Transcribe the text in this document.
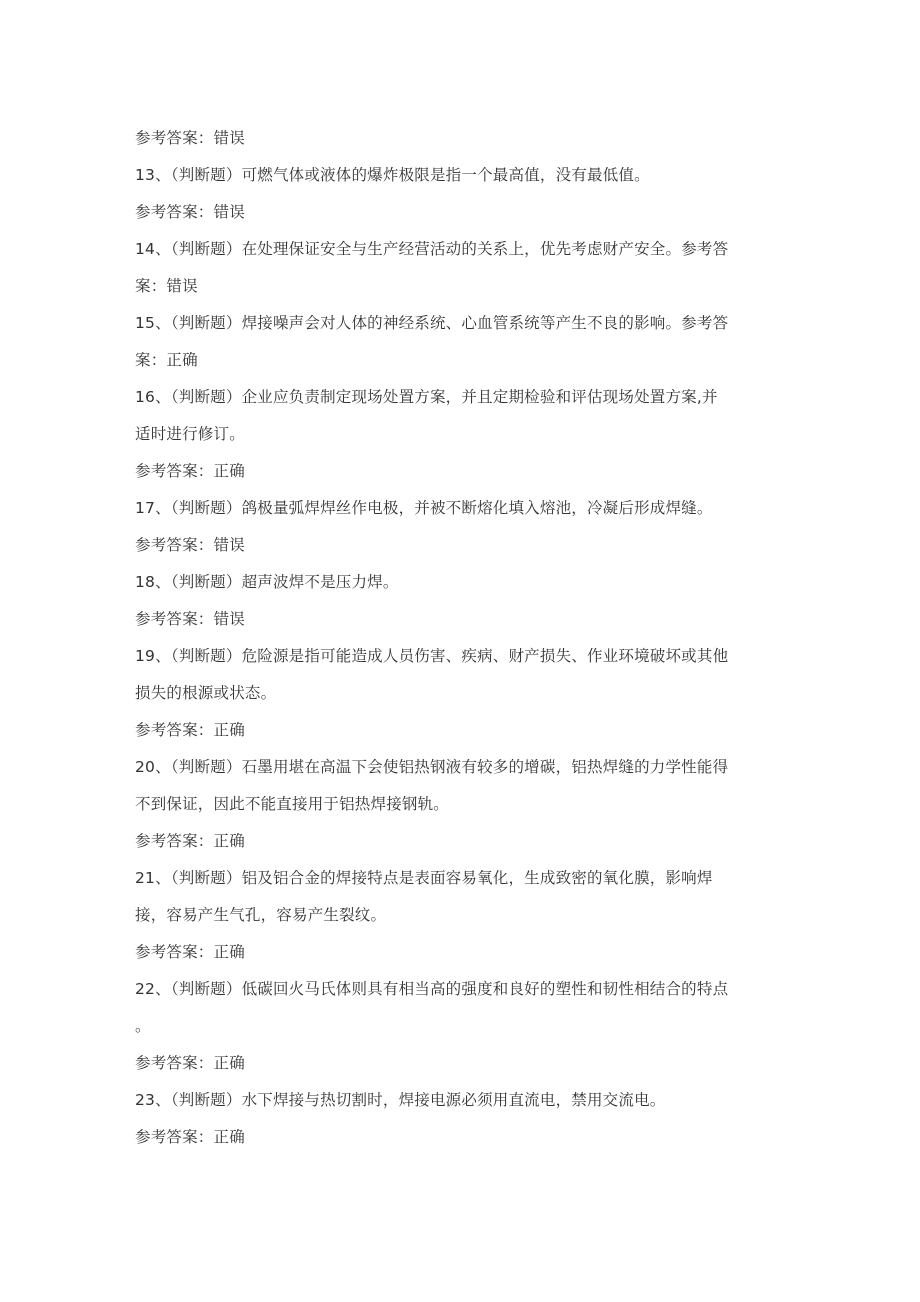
参考答案：错误
13、（判断题）可燃气体或液体的爆炸极限是指一个最高值，没有最低值。
参考答案：错误
14、（判断题）在处理保证安全与生产经营活动的关系上，优先考虑财产安全。参考答
案：错误
15、（判断题）焊接噪声会对人体的神经系统、心血管系统等产生不良的影响。参考答
案：正确
16、（判断题）企业应负责制定现场处置方案，并且定期检验和评估现场处置方案,并
适时进行修订。
参考答案：正确
17、（判断题）鸽极量弧焊焊丝作电极，并被不断熔化填入熔池，冷凝后形成焊缝。
参考答案：错误
18、（判断题）超声波焊不是压力焊。
参考答案：错误
19、（判断题）危险源是指可能造成人员伤害、疾病、财产损失、作业环境破坏或其他
损失的根源或状态。
参考答案：正确
20、（判断题）石墨用堪在高温下会使铝热钢液有较多的增碳，铝热焊缝的力学性能得
不到保证，因此不能直接用于铝热焊接钢轨。
参考答案：正确
21、（判断题）铝及铝合金的焊接特点是表面容易氧化，生成致密的氧化膜，影响焊
接，容易产生气孔，容易产生裂纹。
参考答案：正确
22、（判断题）低碳回火马氏体则具有相当高的强度和良好的塑性和韧性相结合的特点
。
参考答案：正确
23、（判断题）水下焊接与热切割时，焊接电源必须用直流电，禁用交流电。
参考答案：正确
